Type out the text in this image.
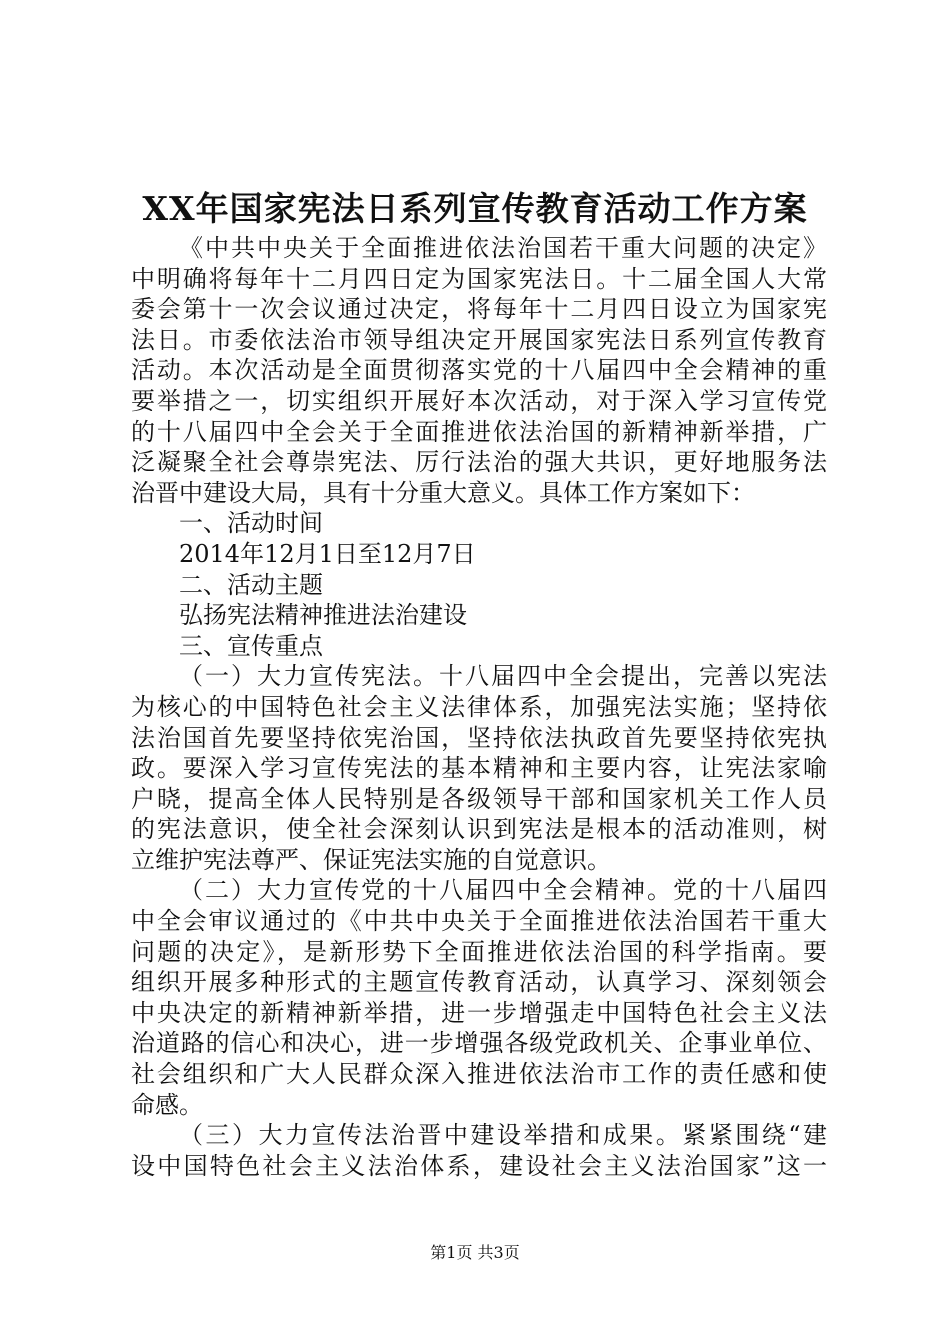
XX年国家宪法日系列宣传教育活动工作方案
《中共中央关于全面推进依法治国若干重大问题的决定》
中明确将每年十二月四日定为国家宪法日。十二届全国人大常
委会第十一次会议通过决定，将每年十二月四日设立为国家宪
法日。市委依法治市领导组决定开展国家宪法日系列宣传教育
活动。本次活动是全面贯彻落实党的十八届四中全会精神的重
要举措之一，切实组织开展好本次活动，对于深入学习宣传党
的十八届四中全会关于全面推进依法治国的新精神新举措，广
泛凝聚全社会尊崇宪法、厉行法治的强大共识，更好地服务法
治晋中建设大局，具有十分重大意义。具体工作方案如下：
一、活动时间
2014年12月1日至12月7日
二、活动主题
弘扬宪法精神推进法治建设
三、宣传重点
（一）大力宣传宪法。十八届四中全会提出，完善以宪法
为核心的中国特色社会主义法律体系，加强宪法实施；坚持依
法治国首先要坚持依宪治国，坚持依法执政首先要坚持依宪执
政。要深入学习宣传宪法的基本精神和主要内容，让宪法家喻
户晓，提高全体人民特别是各级领导干部和国家机关工作人员
的宪法意识，使全社会深刻认识到宪法是根本的活动准则，树
立维护宪法尊严、保证宪法实施的自觉意识。
（二）大力宣传党的十八届四中全会精神。党的十八届四
中全会审议通过的《中共中央关于全面推进依法治国若干重大
问题的决定》，是新形势下全面推进依法治国的科学指南。要
组织开展多种形式的主题宣传教育活动，认真学习、深刻领会
中央决定的新精神新举措，进一步增强走中国特色社会主义法
治道路的信心和决心，进一步增强各级党政机关、企事业单位、
社会组织和广大人民群众深入推进依法治市工作的责任感和使
命感。
（三）大力宣传法治晋中建设举措和成果。紧紧围绕“建
设中国特色社会主义法治体系，建设社会主义法治国家”这一
第1页 共3页
